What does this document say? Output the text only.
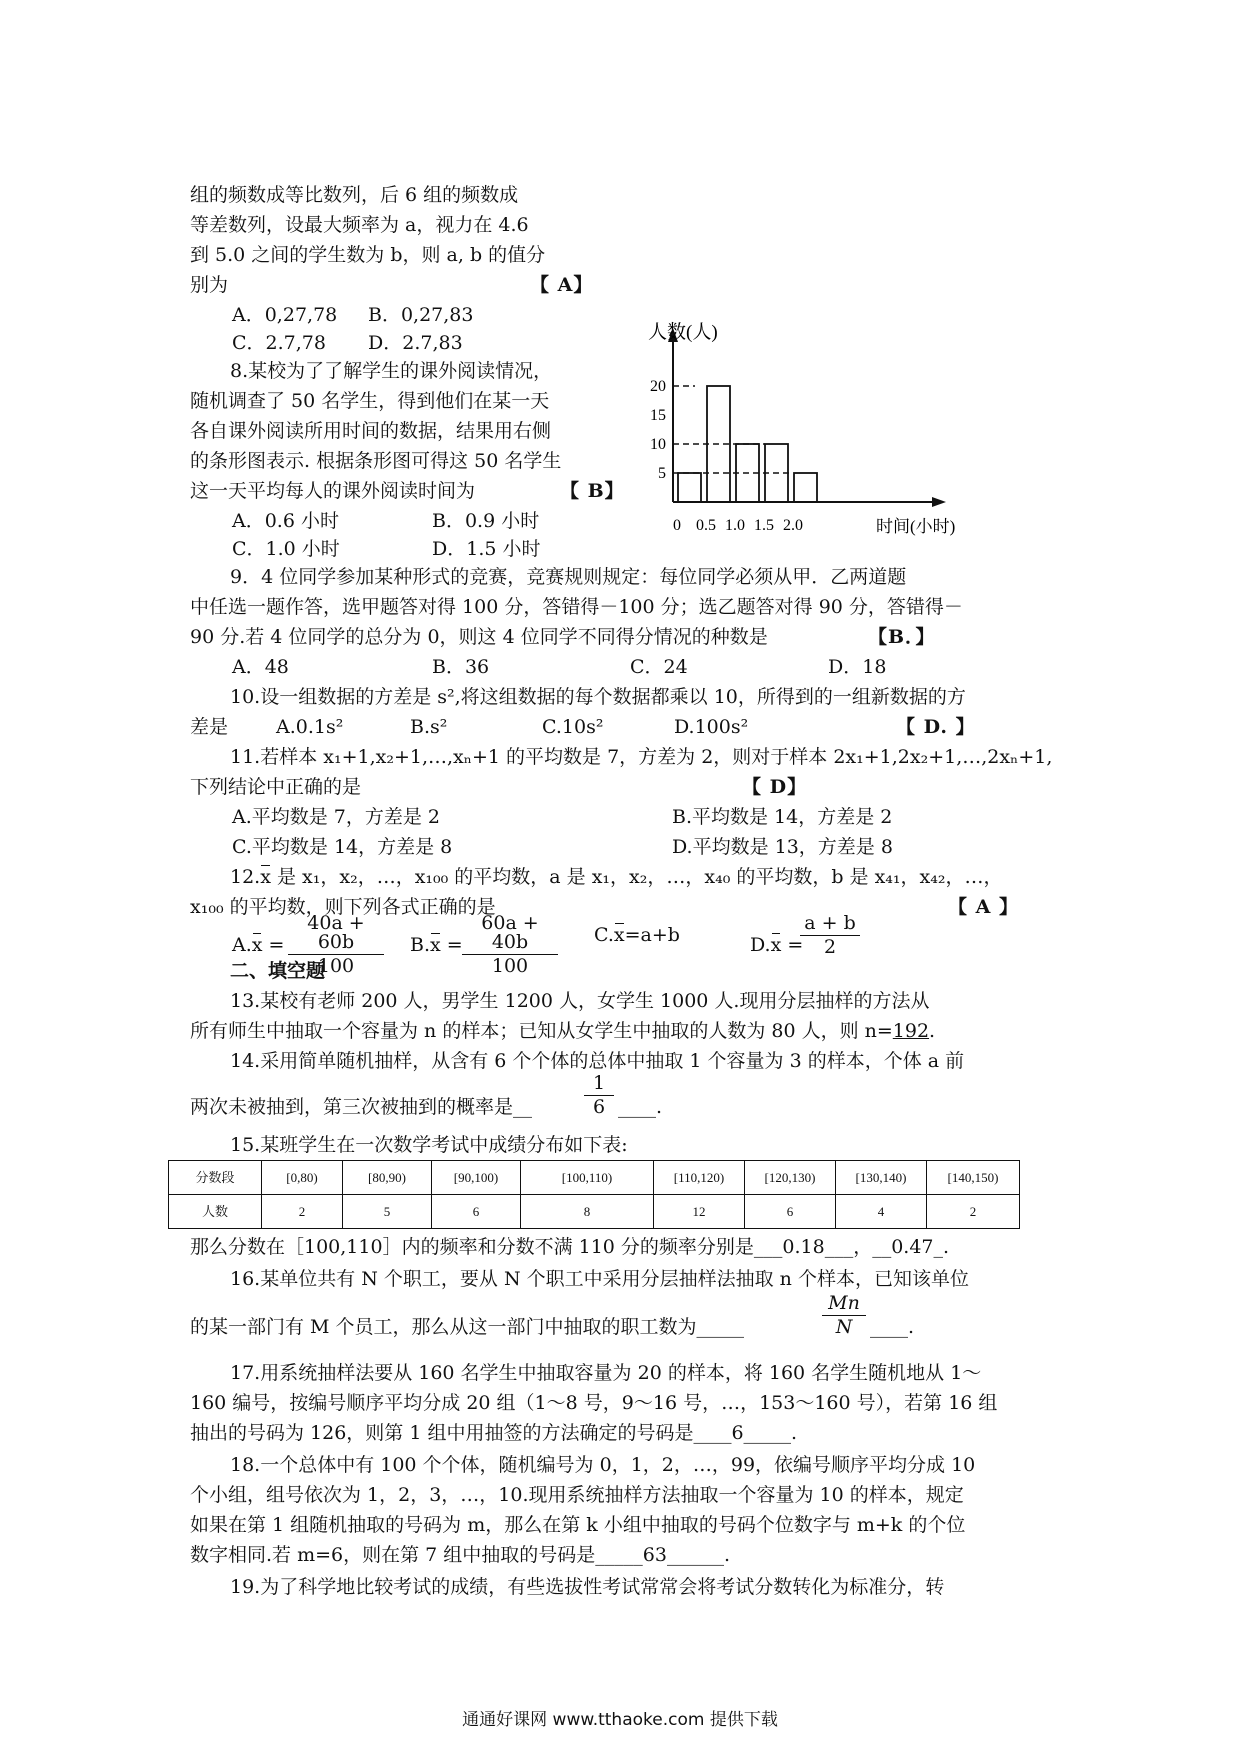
组的频数成等比数列，后 6 组的频数成
等差数列，设最大频率为 a，视力在 4.6
到 5.0 之间的学生数为 b，则 a, b 的值分
别为	【 A】
A．0,27,78 B．0,27,83
C．2.7,78 D．2.7,83
8.某校为了了解学生的课外阅读情况，
随机调查了 50 名学生，得到他们在某一天
各自课外阅读所用时间的数据，结果用右侧
的条形图表示. 根据条形图可得这 50 名学生
这一天平均每人的课外阅读时间为	【 B】
A．0.6 小时	B．0.9 小时
C．1.0 小时	D．1.5 小时
人数(人)
时间(小时)
5
10
15
20
0 0.5 1.0 1.5 2.0
9．4 位同学参加某种形式的竞赛，竞赛规则规定：每位同学必须从甲．乙两道题
中任选一题作答，选甲题答对得 100 分，答错得－100 分；选乙题答对得 90 分，答错得－
90 分.若 4 位同学的总分为 0，则这 4 位同学不同得分情况的种数是	【B．】
A．48	B．36	C．24	D．18
10.设一组数据的方差是 s²,将这组数据的每个数据都乘以 10，所得到的一组新数据的方
差是	A.0.1s²	B.s²	C.10s²	D.100s²	【 D. 】
11.若样本 x₁+1,x₂+1,…,xₙ+1 的平均数是 7，方差为 2，则对于样本 2x₁+1,2x₂+1,…,2xₙ+1,
下列结论中正确的是	【 D】
A.平均数是 7，方差是 2	B.平均数是 14，方差是 2
C.平均数是 14，方差是 8	D.平均数是 13，方差是 8
12.x 是 x₁，x₂，…，x₁₀₀ 的平均数，a 是 x₁，x₂，…，x₄₀ 的平均数，b 是 x₄₁，x₄₂，…，
x₁₀₀ 的平均数，则下列各式正确的是	【 A 】
A.x =
40a + 60b
100
B.x =
60a + 40b
100
C.x=a+b	D.x =
a + b
2
二、填空题
13.某校有老师 200 人，男学生 1200 人，女学生 1000 人.现用分层抽样的方法从
所有师生中抽取一个容量为 n 的样本；已知从女学生中抽取的人数为 80 人，则 n=192.
14.采用简单随机抽样，从含有 6 个个体的总体中抽取 1 个容量为 3 的样本，个体 a 前
两次未被抽到，第三次被抽到的概率是__
1
6 ____.
15.某班学生在一次数学考试中成绩分布如下表:
分数段	[0,80)	[80,90)	[90,100)	[100,110)	[110,120)	[120,130)	[130,140)	[140,150)
人数	2	5	6	8	12	6	4	2
那么分数在［100,110］内的频率和分数不满 110 分的频率分别是___0.18___，__0.47_.
16.某单位共有 N 个职工，要从 N 个职工中采用分层抽样法抽取 n 个样本，已知该单位
的某一部门有 M 个员工，那么从这一部门中抽取的职工数为_____
Mn
N ____.
17.用系统抽样法要从 160 名学生中抽取容量为 20 的样本，将 160 名学生随机地从 1～
160 编号，按编号顺序平均分成 20 组（1～8 号，9～16 号，…，153～160 号），若第 16 组
抽出的号码为 126，则第 1 组中用抽签的方法确定的号码是____6_____.
18.一个总体中有 100 个个体，随机编号为 0，1，2，…，99，依编号顺序平均分成 10
个小组，组号依次为 1，2，3，…，10.现用系统抽样方法抽取一个容量为 10 的样本，规定
如果在第 1 组随机抽取的号码为 m，那么在第 k 小组中抽取的号码个位数字与 m+k 的个位
数字相同.若 m=6，则在第 7 组中抽取的号码是_____63______.
19.为了科学地比较考试的成绩，有些选拔性考试常常会将考试分数转化为标准分，转
通通好课网 www.tthaoke.com 提供下载
